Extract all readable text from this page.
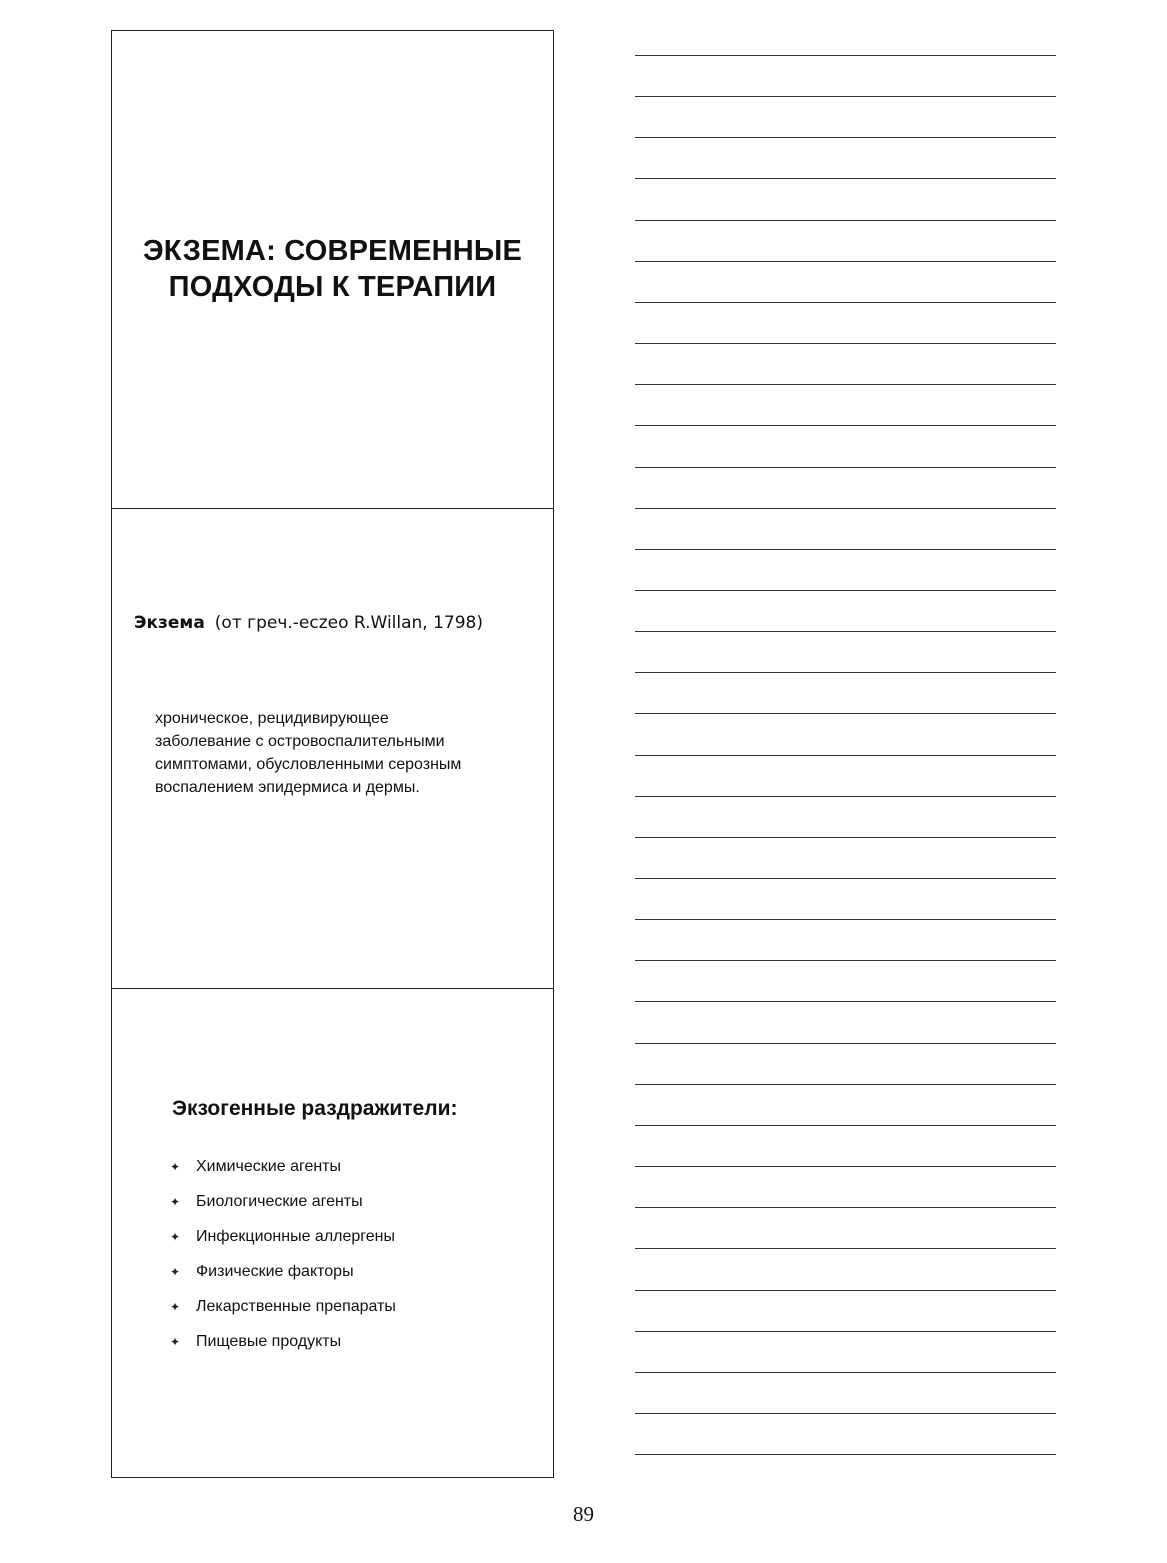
ЭКЗЕМА: СОВРЕМЕННЫЕ
ПОДХОДЫ К ТЕРАПИИ
Экзема (от греч.-eczeo R.Willan, 1798)
хроническое, рецидивирующее
заболевание с островоспалительными
симптомами, обусловленными серозным
воспалением эпидермиса и дермы.
Экзогенные раздражители:
✦ Химические агенты
✦ Биологические агенты
✦ Инфекционные аллергены
✦ Физические факторы
✦ Лекарственные препараты
✦ Пищевые продукты
89
